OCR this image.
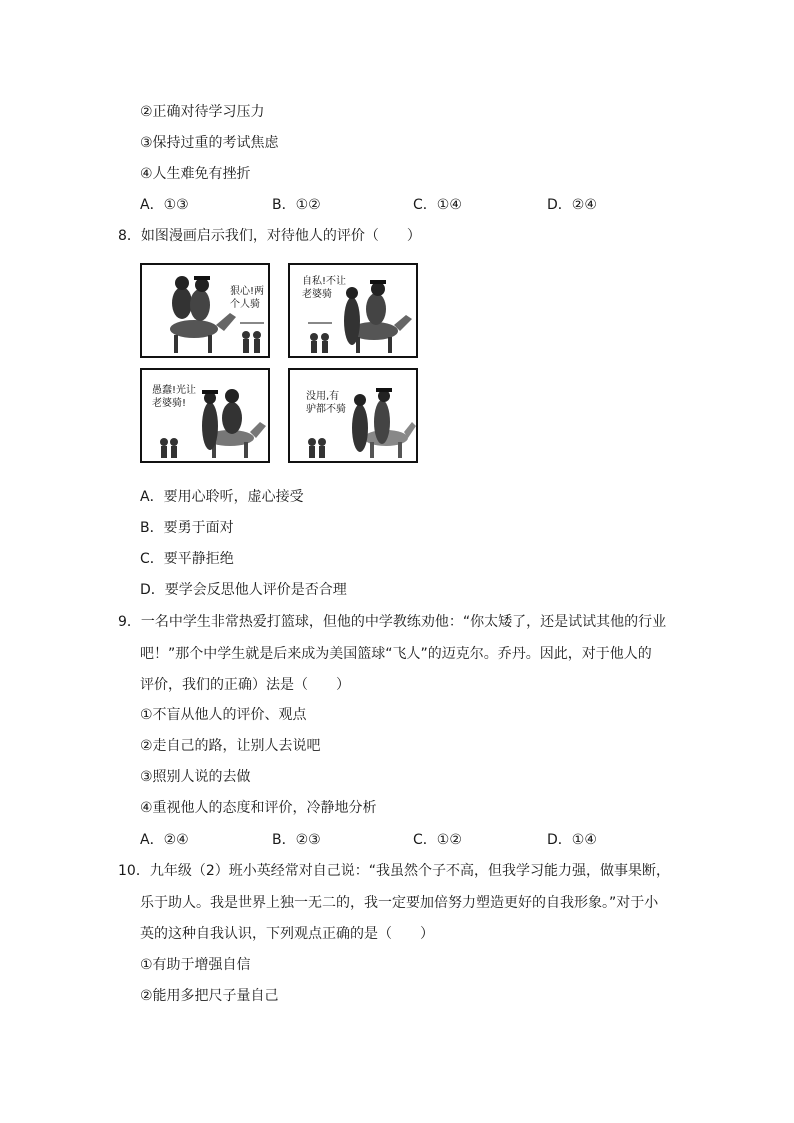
②正确对待学习压力
③保持过重的考试焦虑
④人生难免有挫折
A．①③	B．①②	C．①④	D．②④
8．如图漫画启示我们，对待他人的评价（　　）
狠心!两
个人骑
自私!不让
老婆骑
愚蠢!光让
老婆骑!
没用,有
驴都不骑
A．要用心聆听，虚心接受
B．要勇于面对
C．要平静拒绝
D．要学会反思他人评价是否合理
9．一名中学生非常热爱打篮球，但他的中学教练劝他：“你太矮了，还是试试其他的行业
吧！”那个中学生就是后来成为美国篮球“飞人”的迈克尔。乔丹。因此，对于他人的
评价，我们的正确）法是（　　）
①不盲从他人的评价、观点
②走自己的路，让别人去说吧
③照别人说的去做
④重视他人的态度和评价，冷静地分析
A．②④	B．②③	C．①②	D．①④
10．九年级（2）班小英经常对自己说：“我虽然个子不高，但我学习能力强，做事果断，
乐于助人。我是世界上独一无二的，我一定要加倍努力塑造更好的自我形象。”对于小
英的这种自我认识，下列观点正确的是（　　）
①有助于增强自信
②能用多把尺子量自己
